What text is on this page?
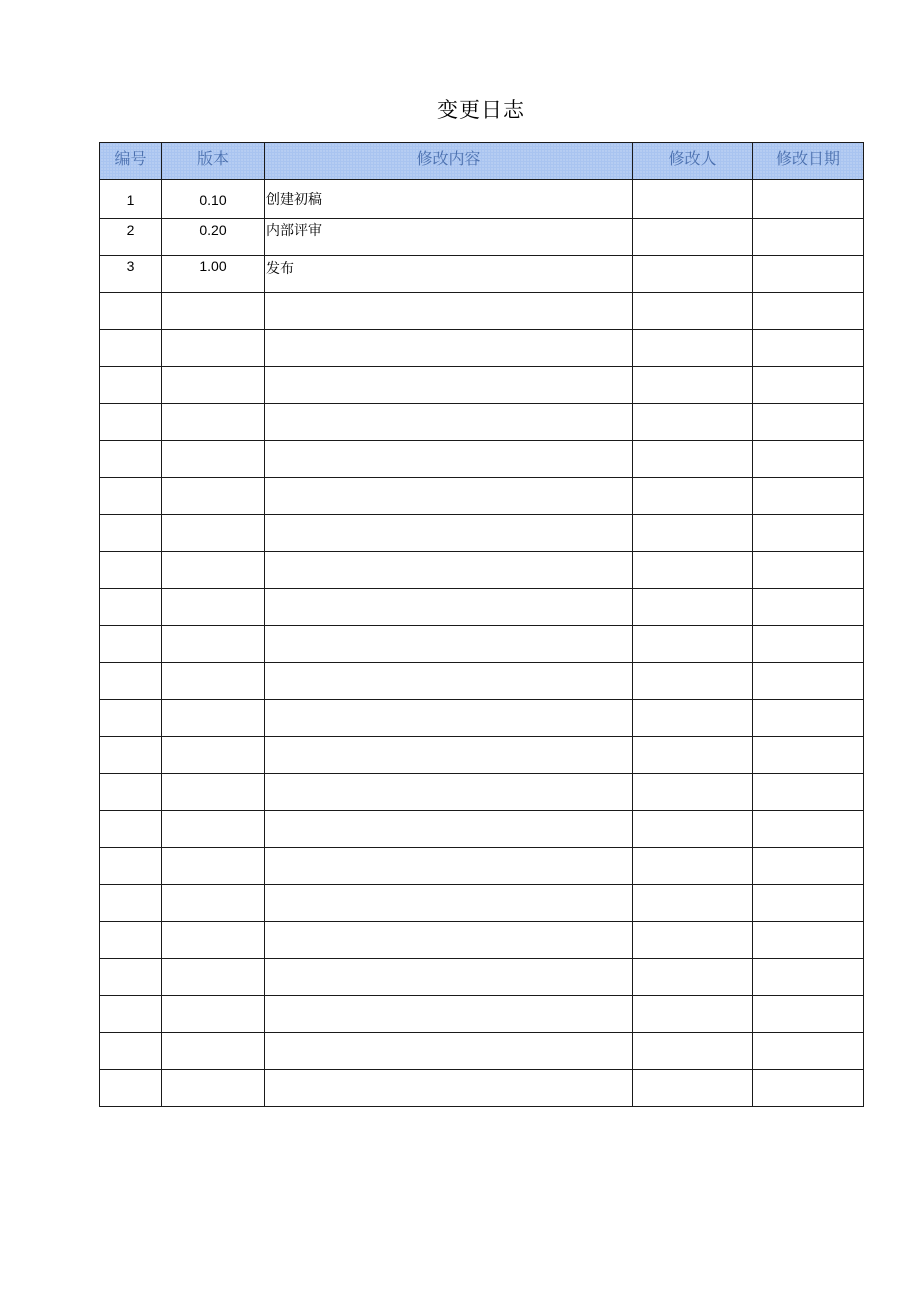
变更日志
编号	版本	修改内容	修改人	修改日期
1	0.10	创建初稿		
2	0.20	内部评审		
3	1.00	发布		
